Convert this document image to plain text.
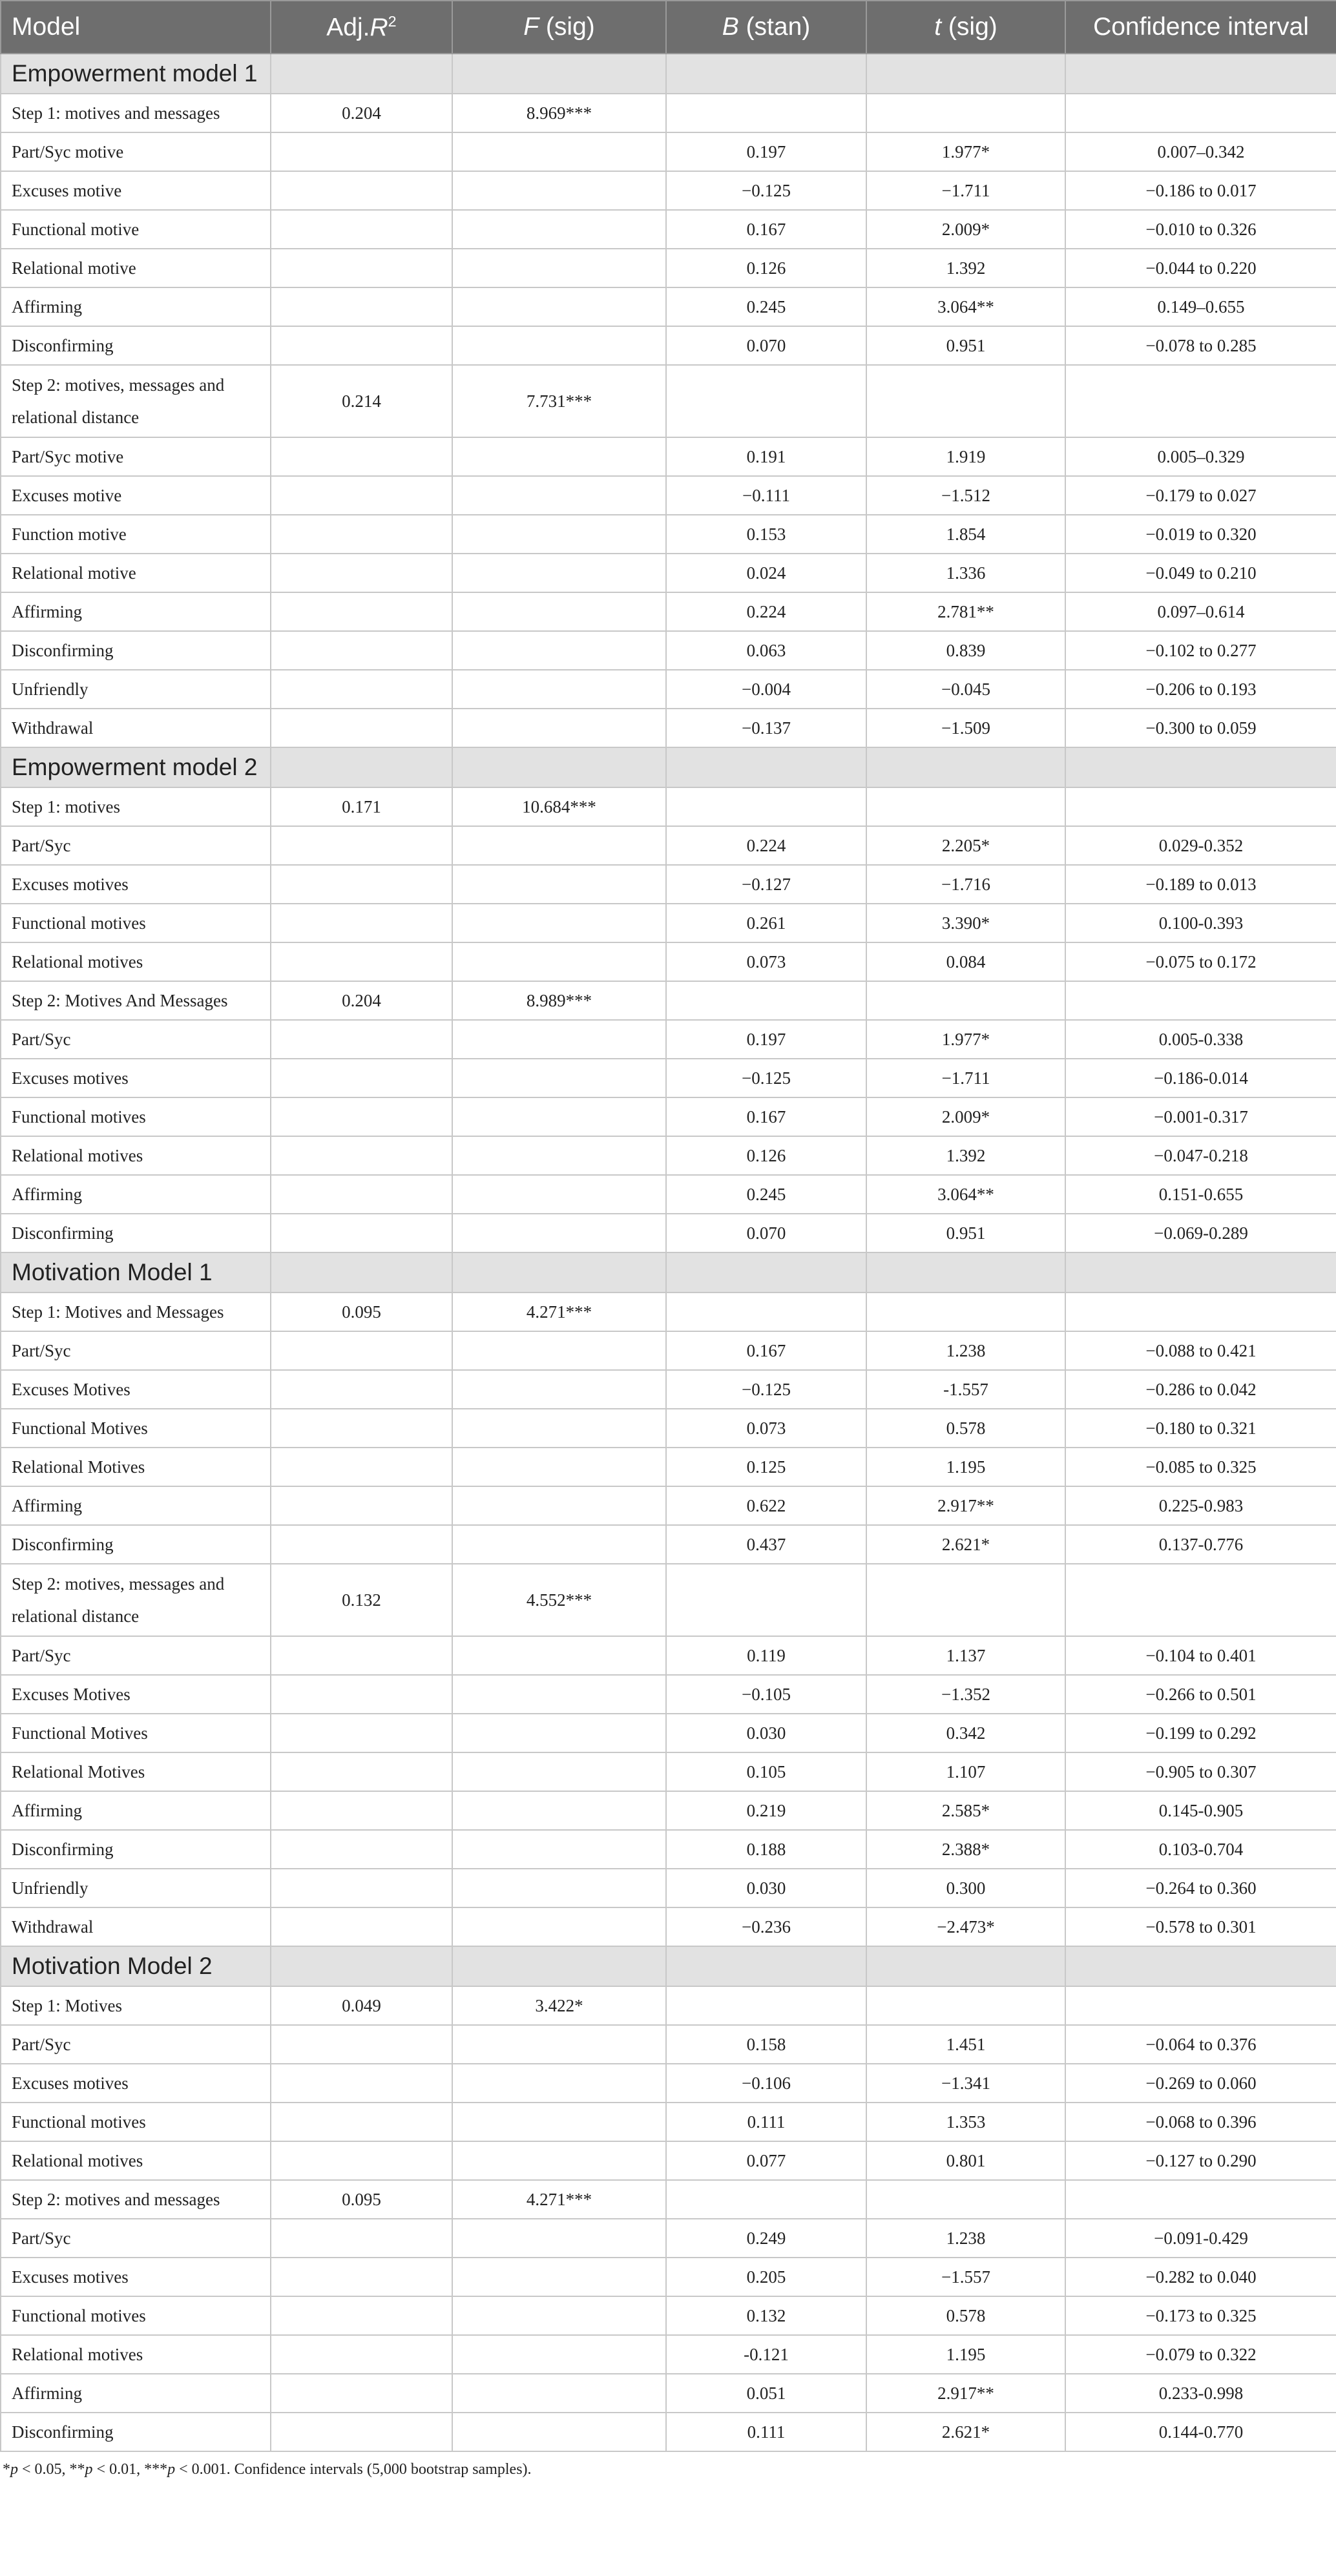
Model	$Adj.R^2$	F (sig)	B (stan)	t (sig)	Confidence interval
Empowerment model 1					
Step 1: motives and messages	0.204	8.969***			
Part/Syc motive			0.197	1.977*	0.007–0.342
Excuses motive			−0.125	−1.711	−0.186 to 0.017
Functional motive			0.167	2.009*	−0.010 to 0.326
Relational motive			0.126	1.392	−0.044 to 0.220
Affirming			0.245	3.064**	0.149–0.655
Disconfirming			0.070	0.951	−0.078 to 0.285
Step 2: motives, messages and relational distance	0.214	7.731***			
Part/Syc motive			0.191	1.919	0.005–0.329
Excuses motive			−0.111	−1.512	−0.179 to 0.027
Function motive			0.153	1.854	−0.019 to 0.320
Relational motive			0.024	1.336	−0.049 to 0.210
Affirming			0.224	2.781**	0.097–0.614
Disconfirming			0.063	0.839	−0.102 to 0.277
Unfriendly			−0.004	−0.045	−0.206 to 0.193
Withdrawal			−0.137	−1.509	−0.300 to 0.059
Empowerment model 2					
Step 1: motives	0.171	10.684***			
Part/Syc			0.224	2.205*	0.029-0.352
Excuses motives			−0.127	−1.716	−0.189 to 0.013
Functional motives			0.261	3.390*	0.100-0.393
Relational motives			0.073	0.084	−0.075 to 0.172
Step 2: Motives And Messages	0.204	8.989***			
Part/Syc			0.197	1.977*	0.005-0.338
Excuses motives			−0.125	−1.711	−0.186-0.014
Functional motives			0.167	2.009*	−0.001-0.317
Relational motives			0.126	1.392	−0.047-0.218
Affirming			0.245	3.064**	0.151-0.655
Disconfirming			0.070	0.951	−0.069-0.289
Motivation Model 1					
Step 1: Motives and Messages	0.095	4.271***			
Part/Syc			0.167	1.238	−0.088 to 0.421
Excuses Motives			−0.125	-1.557	−0.286 to 0.042
Functional Motives			0.073	0.578	−0.180 to 0.321
Relational Motives			0.125	1.195	−0.085 to 0.325
Affirming			0.622	2.917**	0.225-0.983
Disconfirming			0.437	2.621*	0.137-0.776
Step 2: motives, messages and relational distance	0.132	4.552***			
Part/Syc			0.119	1.137	−0.104 to 0.401
Excuses Motives			−0.105	−1.352	−0.266 to 0.501
Functional Motives			0.030	0.342	−0.199 to 0.292
Relational Motives			0.105	1.107	−0.905 to 0.307
Affirming			0.219	2.585*	0.145-0.905
Disconfirming			0.188	2.388*	0.103-0.704
Unfriendly			0.030	0.300	−0.264 to 0.360
Withdrawal			−0.236	−2.473*	−0.578 to 0.301
Motivation Model 2					
Step 1: Motives	0.049	3.422*			
Part/Syc			0.158	1.451	−0.064 to 0.376
Excuses motives			−0.106	−1.341	−0.269 to 0.060
Functional motives			0.111	1.353	−0.068 to 0.396
Relational motives			0.077	0.801	−0.127 to 0.290
Step 2: motives and messages	0.095	4.271***			
Part/Syc			0.249	1.238	−0.091-0.429
Excuses motives			0.205	−1.557	−0.282 to 0.040
Functional motives			0.132	0.578	−0.173 to 0.325
Relational motives			-0.121	1.195	−0.079 to 0.322
Affirming			0.051	2.917**	0.233-0.998
Disconfirming			0.111	2.621*	0.144-0.770
*p < 0.05, **p < 0.01, ***p < 0.001. Confidence intervals (5,000 bootstrap samples).
